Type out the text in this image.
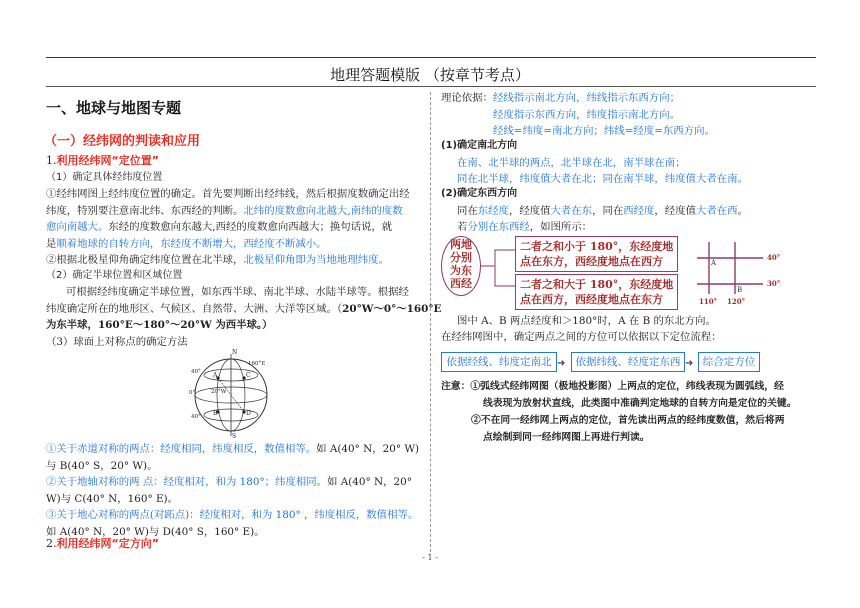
地理答题模版 （按章节考点）
一、地球与地图专题
（一）经纬网的判读和应用
1.利用经纬网“定位置”
（1）确定具体经纬度位置
①经纬网图上经纬度位置的确定。首先要判断出经纬线，然后根据度数确定出经
纬度，特别要注意南北纬、东西经的判断。北纬的度数愈向北越大,南纬的度数
愈向南越大。东经的度数愈向东越大,西经的度数愈向西越大；换句话说，就
是顺着地球的自转方向，东经度不断增大，西经度不断减小。
②根据北极星仰角确定纬度位置在北半球，北极星仰角即为当地地理纬度。
（2）确定半球位置和区域位置
可根据经纬度确定半球位置，如东西半球、南北半球、水陆半球等。根据经
纬度确定所在的地形区、气候区、自然带、大洲、大洋等区域。（20°W～0°～160°E
为东半球，160°E～180°～20°W 为西半球。）
（3）球面上对称点的确定方法
N
S
40°
0°
40°
160°E
20°W
A
B
C
D
①关于赤道对称的两点：经度相同，纬度相反，数值相等。如 A(40° N，20° W)
与 B(40° S，20° W)。
②关于地轴对称的两 点：经度相对，和为 180°；纬度相同。如 A(40° N，20°
W)与 C(40° N，160° E)。
③关于地心对称的两点(对跖点)：经度相对，和为 180° ，纬度相反，数值相等。
如 A(40° N，20° W)与 D(40° S，160° E)。
2.利用经纬网“定方向”
理论依据：经线指示南北方向，纬线指示东西方向；
经度指示东西方向，纬度指示南北方向。
经线=纬度=南北方向；纬线=经度=东西方向。
(1)确定南北方向
在南、北半球的两点，北半球在北，南半球在南；
同在北半球，纬度值大者在北；同在南半球，纬度值大者在南。
(2)确定东西方向
同在东经度，经度值大者在东，同在西经度，经度值大者在西。
若分别在东西经，如图所示：
两地
分别
为东
西经
二者之和小于 180°，东经度地
点在东方，西经度地点在西方
二者之和大于 180°，东经度地
点在西方，西经度地点在东方
A
B
40°
30°
110° 120°
图中 A、B 两点经度和＞180°时，A 在 B 的东北方向。
在经纬网图中，确定两点之间的方位可以依据以下定位流程：
依据经线、纬度定南北 ➜ 依据纬线、经度定东西 ➜ 综合定方位
注意：①弧线式经纬网图（极地投影图）上两点的定位，纬线表现为圆弧线，经
线表现为放射状直线，此类图中准确判定地球的自转方向是定位的关键。
②不在同一经纬网上两点的定位，首先读出两点的经纬度数值，然后将两
点绘制到同一经纬网图上再进行判读。
- 1 -
